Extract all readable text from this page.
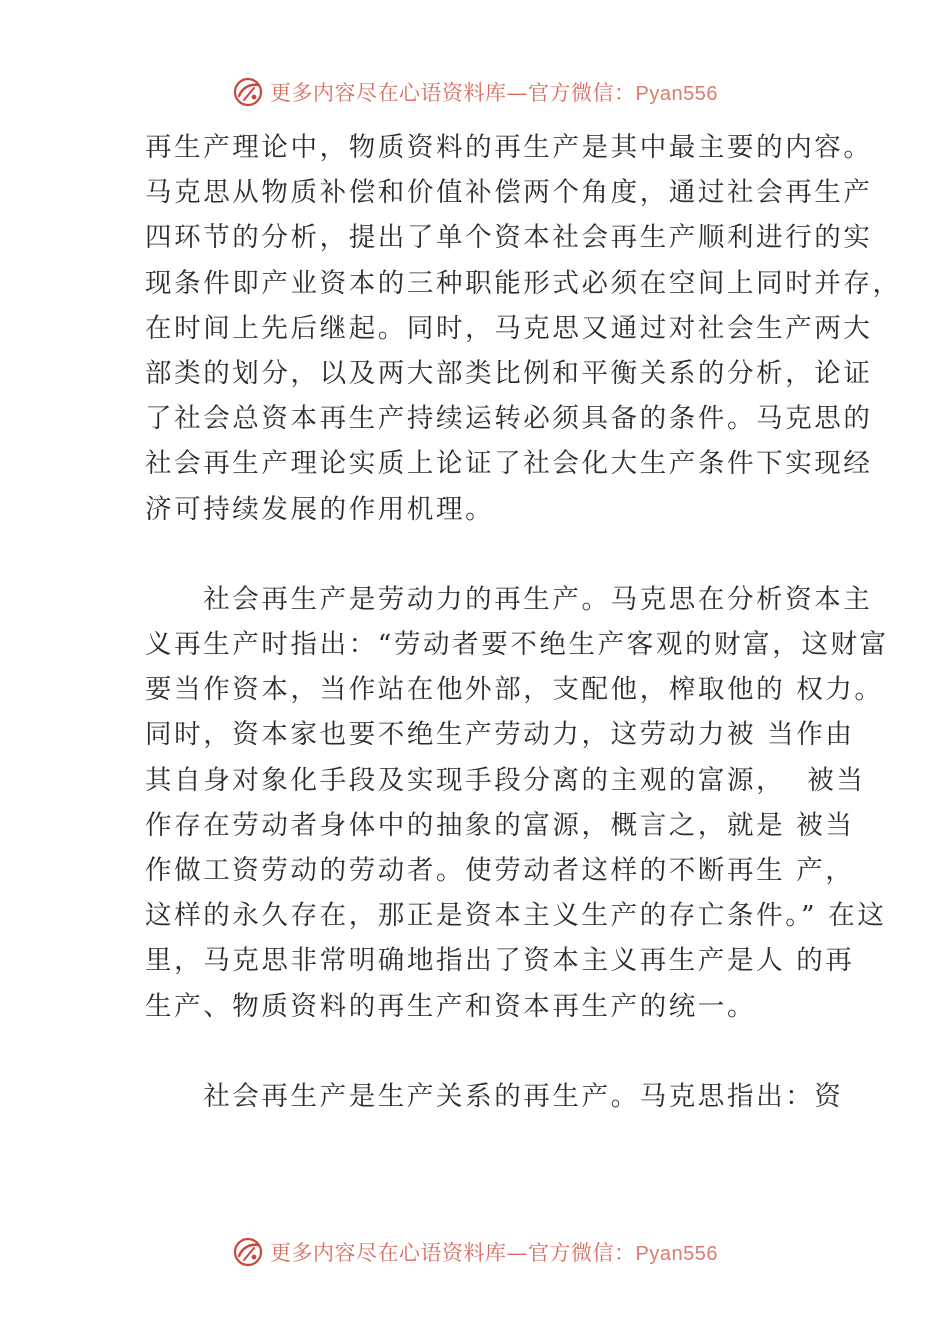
更多内容尽在心语资料库—官方微信：Pyan556
再生产理论中，物质资料的再生产是其中最主要的内容。
马克思从物质补偿和价值补偿两个角度，通过社会再生产
四环节的分析，提出了单个资本社会再生产顺利进行的实
现条件即产业资本的三种职能形式必须在空间上同时并存，
在时间上先后继起。同时，马克思又通过对社会生产两大
部类的划分，以及两大部类比例和平衡关系的分析，论证
了社会总资本再生产持续运转必须具备的条件。马克思的
社会再生产理论实质上论证了社会化大生产条件下实现经
济可持续发展的作用机理。
　　社会再生产是劳动力的再生产。马克思在分析资本主
义再生产时指出：“劳动者要不绝生产客观的财富，这财富
要当作资本，当作站在他外部，支配他，榨取他的 权力。
同时，资本家也要不绝生产劳动力，这劳动力被 当作由
其自身对象化手段及实现手段分离的主观的富源，  被当
作存在劳动者身体中的抽象的富源，概言之，就是 被当
作做工资劳动的劳动者。使劳动者这样的不断再生 产，
这样的永久存在，那正是资本主义生产的存亡条件。” 在这
里，马克思非常明确地指出了资本主义再生产是人 的再
生产、物质资料的再生产和资本再生产的统一。
　　社会再生产是生产关系的再生产。马克思指出：资
更多内容尽在心语资料库—官方微信：Pyan556
